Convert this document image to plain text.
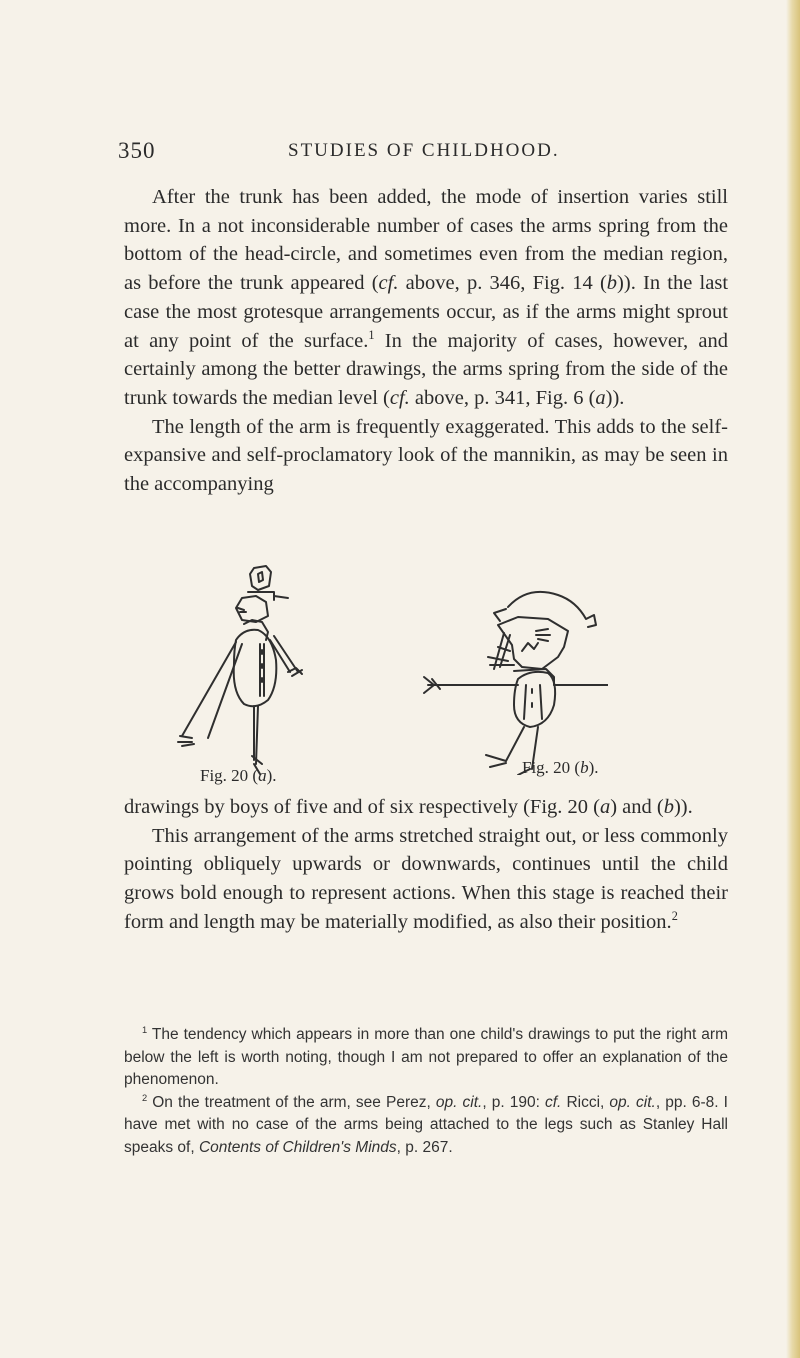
350	STUDIES OF CHILDHOOD.

After the trunk has been added, the mode of insertion varies still more. In a not inconsiderable number of cases the arms spring from the bottom of the head-circle, and sometimes even from the median region, as before the trunk appeared (cf. above, p. 346, Fig. 14 (b)). In the last case the most grotesque arrangements occur, as if the arms might sprout at any point of the surface.$^1$ In the majority of cases, however, and certainly among the better drawings, the arms spring from the side of the trunk towards the median level (cf. above, p. 341, Fig. 6 (a)).

The length of the arm is frequently exaggerated. This adds to the self-expansive and self-proclamatory look of the mannikin, as may be seen in the accompanying

Fig. 20 (a).	Fig. 20 (b).

drawings by boys of five and of six respectively (Fig. 20 (a) and (b)).

This arrangement of the arms stretched straight out, or less commonly pointing obliquely upwards or downwards, continues until the child grows bold enough to represent actions. When this stage is reached their form and length may be materially modified, as also their position.$^2$

$^1$ The tendency which appears in more than one child's drawings to put the right arm below the left is worth noting, though I am not prepared to offer an explanation of the phenomenon.

$^2$ On the treatment of the arm, see Perez, op. cit., p. 190: cf. Ricci, op. cit., pp. 6-8. I have met with no case of the arms being attached to the legs such as Stanley Hall speaks of, Contents of Children's Minds, p. 267.
